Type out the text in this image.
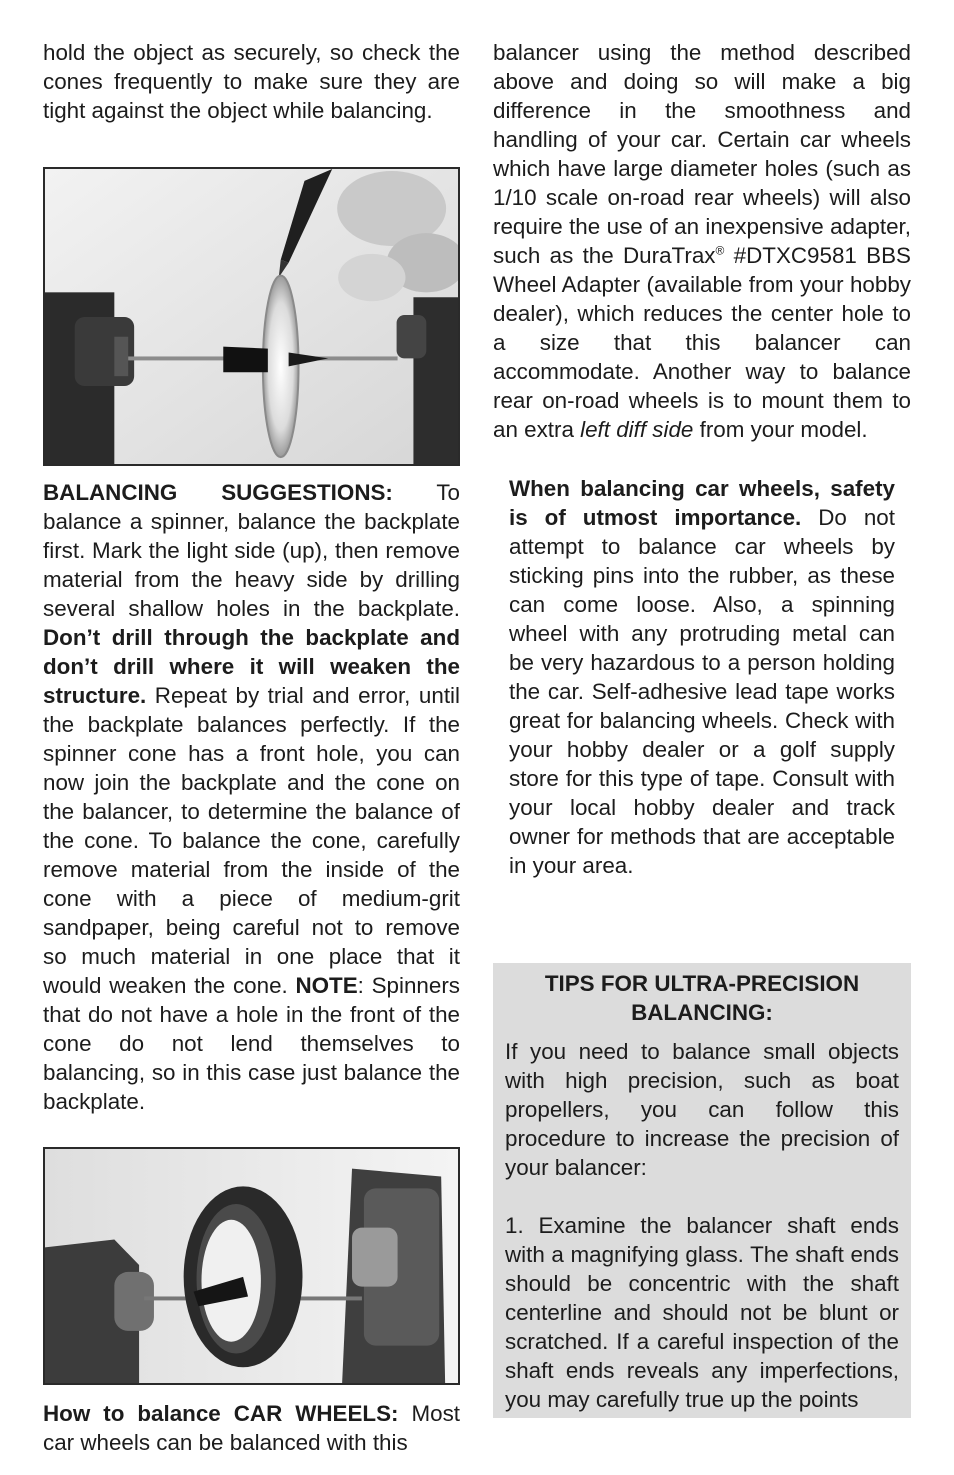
hold the object as securely, so check the cones frequently to make sure they are tight against the object while balancing.

BALANCING SUGGESTIONS: To balance a spinner, balance the backplate first. Mark the light side (up), then remove material from the heavy side by drilling several shallow holes in the backplate. Don’t drill through the backplate and don’t drill where it will weaken the structure. Repeat by trial and error, until the backplate balances perfectly. If the spinner cone has a front hole, you can now join the backplate and the cone on the balancer, to determine the balance of the cone. To balance the cone, carefully remove material from the inside of the cone with a piece of medium-grit sandpaper, being careful not to remove so much material in one place that it would weaken the cone. NOTE: Spinners that do not have a hole in the front of the cone do not lend themselves to balancing, so in this case just balance the backplate.

How to balance CAR WHEELS: Most car wheels can be balanced with this

balancer using the method described above and doing so will make a big difference in the smoothness and handling of your car. Certain car wheels which have large diameter holes (such as 1/10 scale on-road rear wheels) will also require the use of an inexpensive adapter, such as the DuraTrax® #DTXC9581 BBS Wheel Adapter (available from your hobby dealer), which reduces the center hole to a size that this balancer can accommodate. Another way to balance rear on-road wheels is to mount them to an extra left diff side from your model.

When balancing car wheels, safety is of utmost importance. Do not attempt to balance car wheels by sticking pins into the rubber, as these can come loose. Also, a spinning wheel with any protruding metal can be very hazardous to a person holding the car. Self-adhesive lead tape works great for balancing wheels. Check with your hobby dealer or a golf supply store for this type of tape. Consult with your local hobby dealer and track owner for methods that are acceptable in your area.

TIPS FOR ULTRA-PRECISION
BALANCING:

If you need to balance small objects with high precision, such as boat propellers, you can follow this procedure to increase the precision of your balancer:

1. Examine the balancer shaft ends with a magnifying glass. The shaft ends should be concentric with the shaft centerline and should not be blunt or scratched. If a careful inspection of the shaft ends reveals any imperfections, you may carefully true up the points
